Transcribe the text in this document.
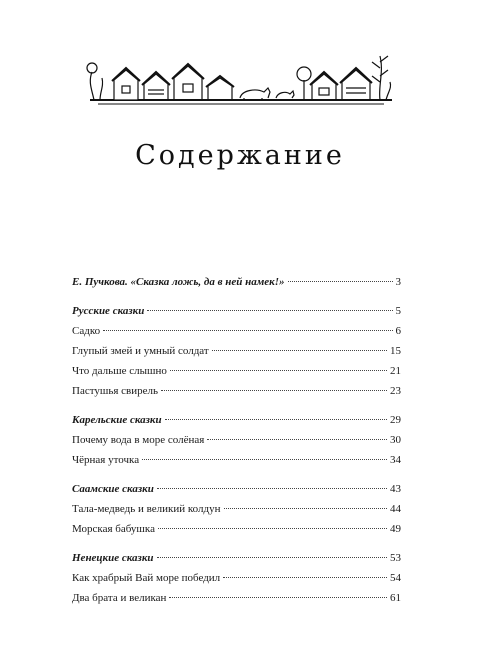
Содержание
Е. Пучкова. «Сказка ложь, да в ней намек!»	3
Русские сказки	5
Садко	6
Глупый змей и умный солдат	15
Что дальше слышно	21
Пастушья свирель	23
Карельские сказки	29
Почему вода в море солёная	30
Чёрная уточка	34
Саамские сказки	43
Тала-медведь и великий колдун	44
Морская бабушка	49
Ненецкие сказки	53
Как храбрый Вай море победил	54
Два брата и великан	61
